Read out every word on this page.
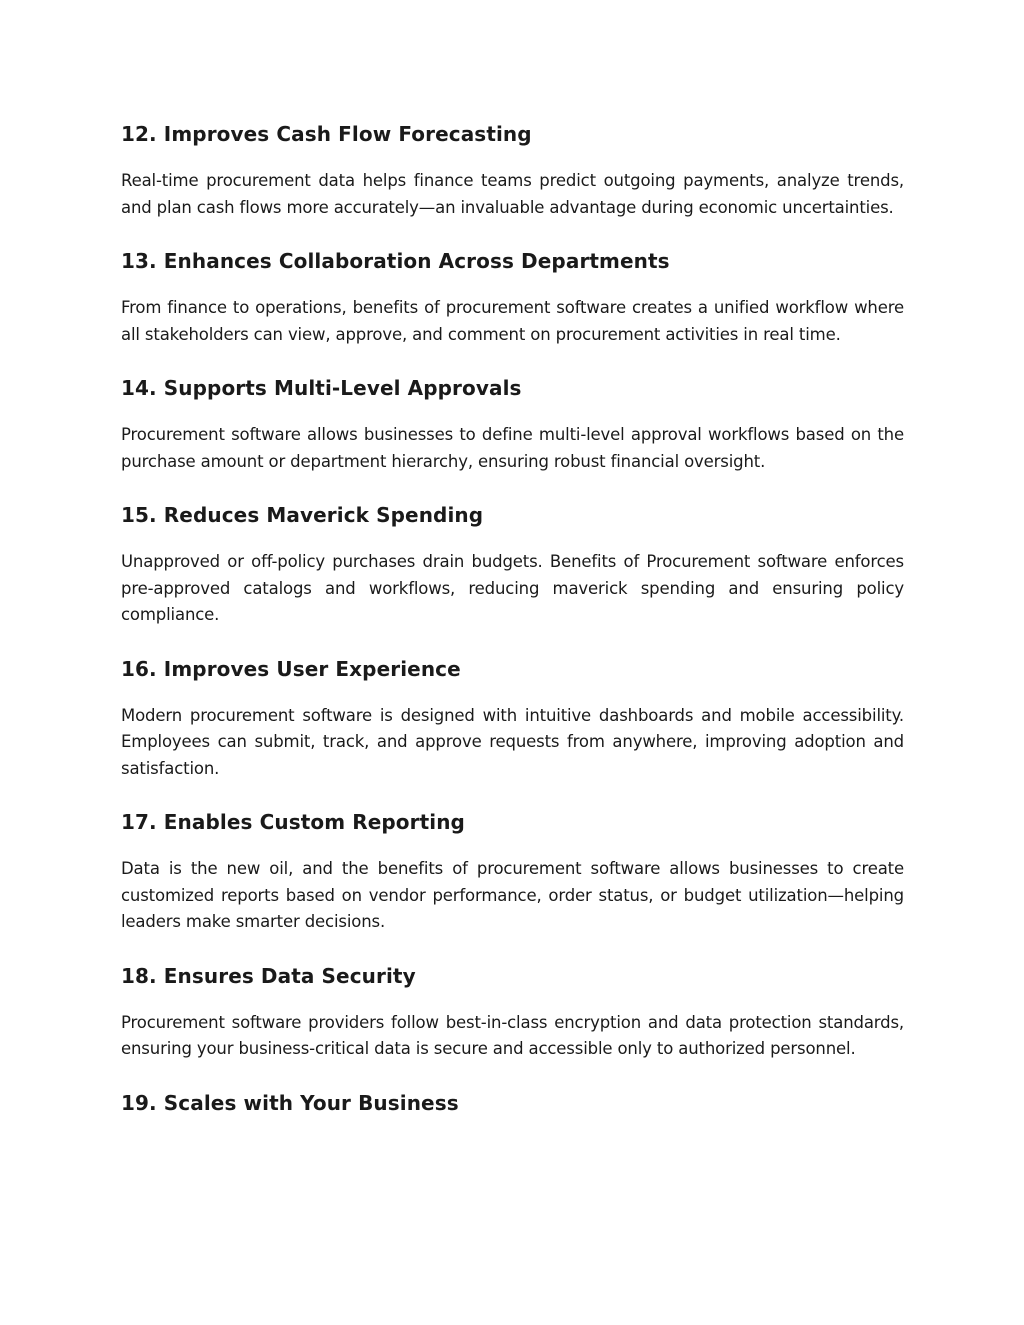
12. Improves Cash Flow Forecasting

Real-time procurement data helps finance teams predict outgoing payments, analyze trends, and plan cash flows more accurately—an invaluable advantage during economic uncertainties.

13. Enhances Collaboration Across Departments

From finance to operations, benefits of procurement software creates a unified workflow where all stakeholders can view, approve, and comment on procurement activities in real time.

14. Supports Multi-Level Approvals

Procurement software allows businesses to define multi-level approval workflows based on the purchase amount or department hierarchy, ensuring robust financial oversight.

15. Reduces Maverick Spending

Unapproved or off-policy purchases drain budgets. Benefits of Procurement software enforces pre-approved catalogs and workflows, reducing maverick spending and ensuring policy compliance.

16. Improves User Experience

Modern procurement software is designed with intuitive dashboards and mobile accessibility. Employees can submit, track, and approve requests from anywhere, improving adoption and satisfaction.

17. Enables Custom Reporting

Data is the new oil, and the benefits of procurement software allows businesses to create customized reports based on vendor performance, order status, or budget utilization—helping leaders make smarter decisions.

18. Ensures Data Security

Procurement software providers follow best-in-class encryption and data protection standards, ensuring your business-critical data is secure and accessible only to authorized personnel.

19. Scales with Your Business
